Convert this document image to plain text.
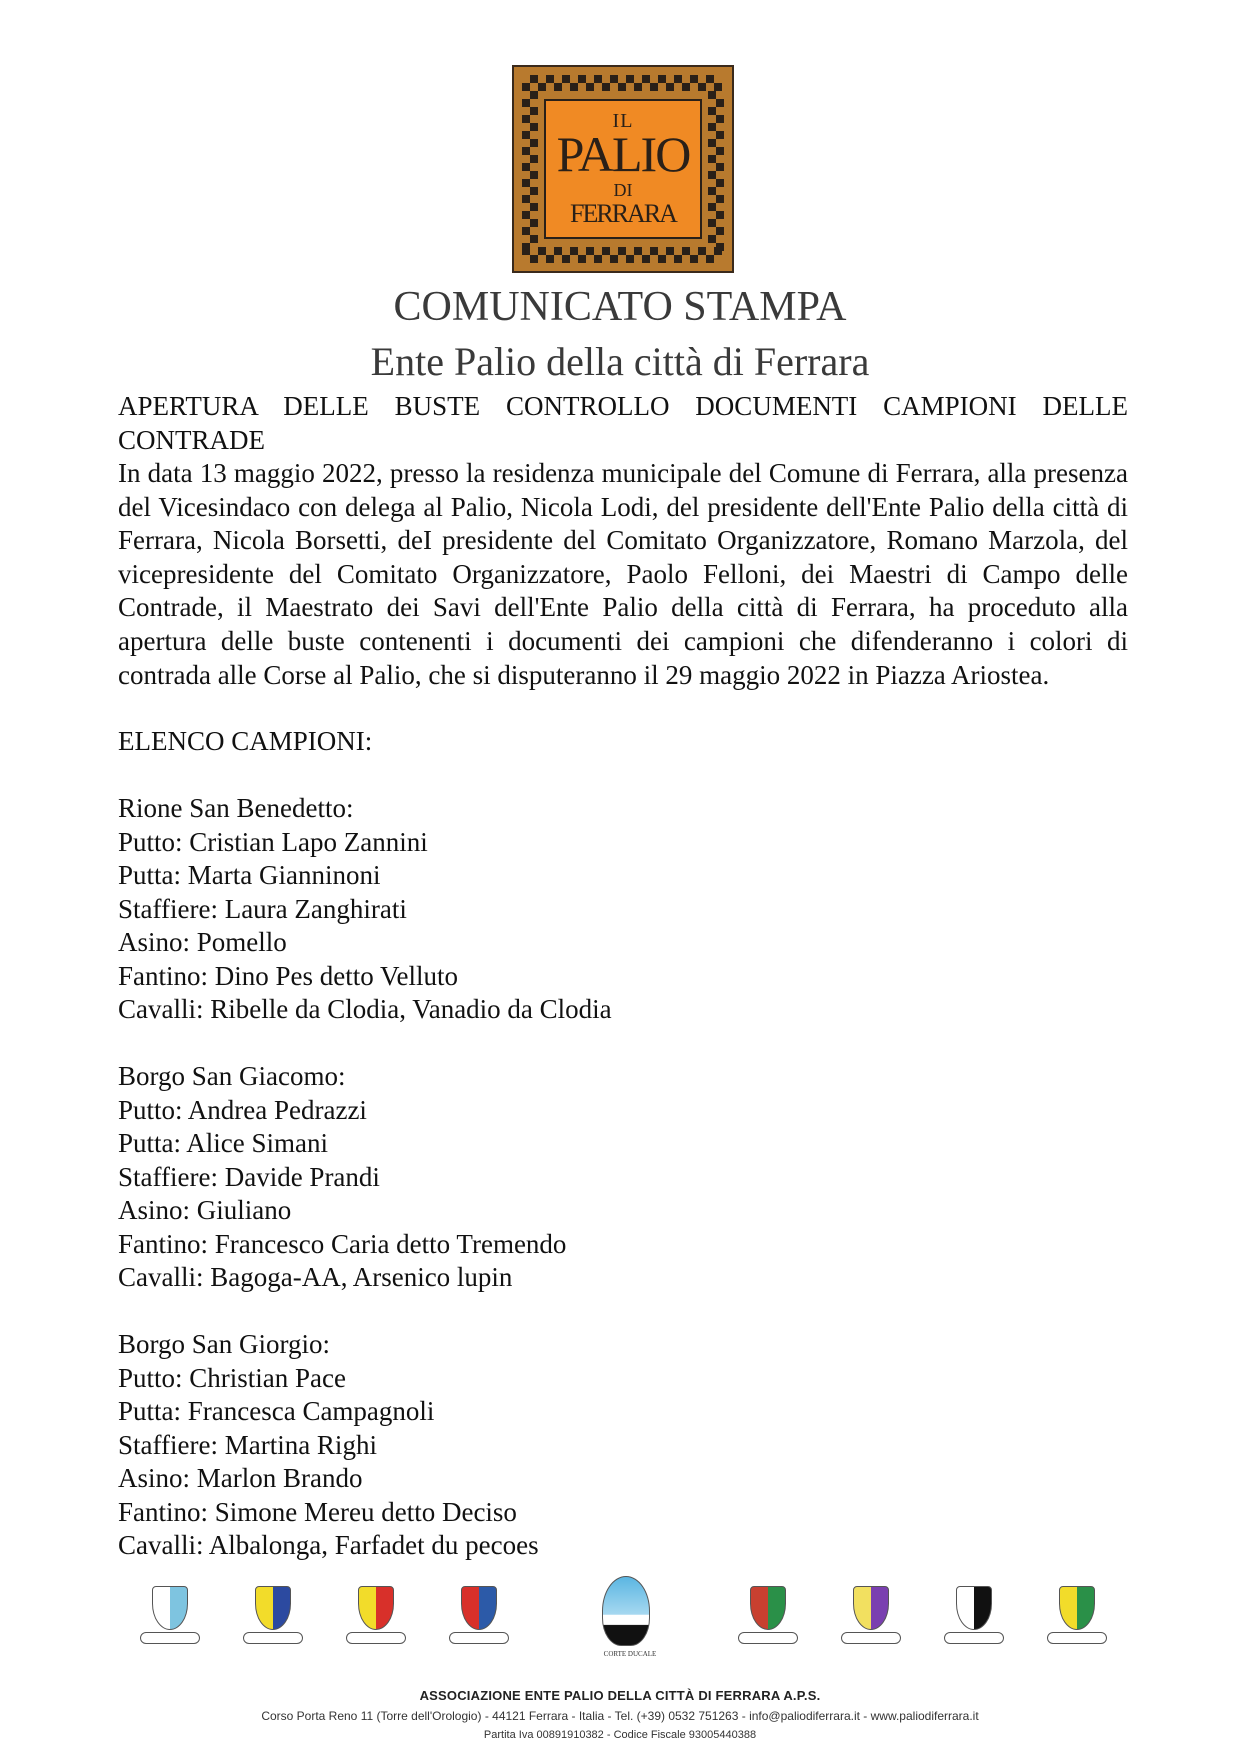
IL
PALIO
DI
FERRARA
COMUNICATO STAMPA
Ente Palio della città di Ferrara
APERTURA DELLE BUSTE CONTROLLO DOCUMENTI CAMPIONI DELLE CONTRADE
In data 13 maggio 2022, presso la residenza municipale del Comune di Ferrara, alla presenza del Vicesindaco con delega al Palio, Nicola Lodi, del presidente dell'Ente Palio della città di Ferrara, Nicola Borsetti, deI presidente del Comitato Organizzatore, Romano Marzola, del vicepresidente del Comitato Organizzatore, Paolo Felloni, dei Maestri di Campo delle Contrade, il Maestrato dei Savi dell'Ente Palio della città di Ferrara, ha proceduto alla apertura delle buste contenenti i documenti dei campioni che difenderanno i colori di contrada alle Corse al Palio, che si disputeranno il 29 maggio 2022 in Piazza Ariostea.
ELENCO CAMPIONI:
Rione San Benedetto:
Putto: Cristian Lapo Zannini
Putta: Marta Gianninoni
Staffiere: Laura Zanghirati
Asino: Pomello
Fantino: Dino Pes detto Velluto
Cavalli: Ribelle da Clodia, Vanadio da Clodia
Borgo San Giacomo:
Putto: Andrea Pedrazzi
Putta: Alice Simani
Staffiere: Davide Prandi
Asino: Giuliano
Fantino: Francesco Caria detto Tremendo
Cavalli: Bagoga-AA, Arsenico lupin
Borgo San Giorgio:
Putto: Christian Pace
Putta: Francesca Campagnoli
Staffiere: Martina Righi
Asino: Marlon Brando
Fantino: Simone Mereu detto Deciso
Cavalli: Albalonga, Farfadet du pecoes
CORTE DUCALE
ASSOCIAZIONE ENTE PALIO DELLA CITTÀ DI FERRARA A.P.S.
Corso Porta Reno 11 (Torre dell'Orologio) - 44121 Ferrara - Italia - Tel. (+39) 0532 751263 - info@paliodiferrara.it - www.paliodiferrara.it
Partita Iva 00891910382 - Codice Fiscale 93005440388
